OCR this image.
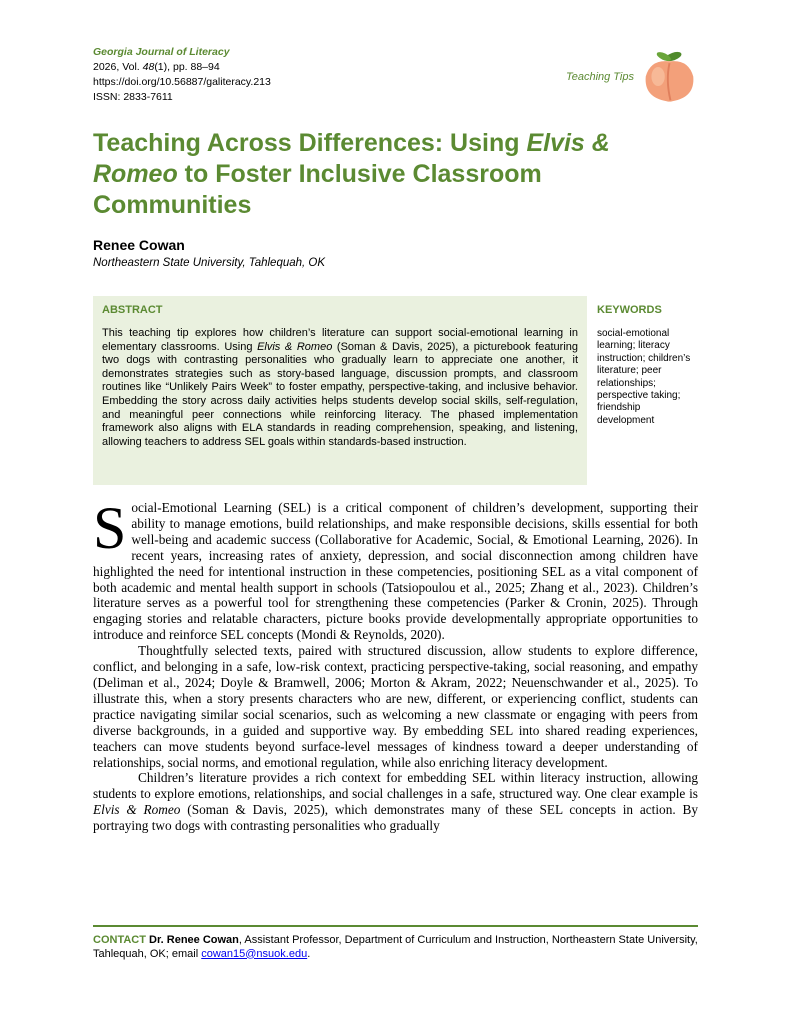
Georgia Journal of Literacy
2026, Vol. 48(1), pp. 88–94
https://doi.org/10.56887/galiteracy.213
ISSN: 2833-7611
Teaching Tips
Teaching Across Differences: Using Elvis & Romeo to Foster Inclusive Classroom Communities
Renee Cowan
Northeastern State University, Tahlequah, OK
ABSTRACT
This teaching tip explores how children’s literature can support social-emotional learning in elementary classrooms. Using Elvis & Romeo (Soman & Davis, 2025), a picturebook featuring two dogs with contrasting personalities who gradually learn to appreciate one another, it demonstrates strategies such as story-based language, discussion prompts, and classroom routines like “Unlikely Pairs Week” to foster empathy, perspective-taking, and inclusive behavior. Embedding the story across daily activities helps students develop social skills, self-regulation, and meaningful peer connections while reinforcing literacy. The phased implementation framework also aligns with ELA standards in reading comprehension, speaking, and listening, allowing teachers to address SEL goals within standards-based instruction.
KEYWORDS
social-emotional learning; literacy instruction; children’s literature; peer relationships; perspective taking; friendship development

Social-Emotional Learning (SEL) is a critical component of children’s development, supporting their ability to manage emotions, build relationships, and make responsible decisions, skills essential for both well-being and academic success (Collaborative for Academic, Social, & Emotional Learning, 2026). In recent years, increasing rates of anxiety, depression, and social disconnection among children have highlighted the need for intentional instruction in these competencies, positioning SEL as a vital component of both academic and mental health support in schools (Tatsiopoulou et al., 2025; Zhang et al., 2023). Children’s literature serves as a powerful tool for strengthening these competencies (Parker & Cronin, 2025). Through engaging stories and relatable characters, picture books provide developmentally appropriate opportunities to introduce and reinforce SEL concepts (Mondi & Reynolds, 2020).

Thoughtfully selected texts, paired with structured discussion, allow students to explore difference, conflict, and belonging in a safe, low-risk context, practicing perspective-taking, social reasoning, and empathy (Deliman et al., 2024; Doyle & Bramwell, 2006; Morton & Akram, 2022; Neuenschwander et al., 2025). To illustrate this, when a story presents characters who are new, different, or experiencing conflict, students can practice navigating similar social scenarios, such as welcoming a new classmate or engaging with peers from diverse backgrounds, in a guided and supportive way. By embedding SEL into shared reading experiences, teachers can move students beyond surface-level messages of kindness toward a deeper understanding of relationships, social norms, and emotional regulation, while also enriching literacy development.

Children’s literature provides a rich context for embedding SEL within literacy instruction, allowing students to explore emotions, relationships, and social challenges in a safe, structured way. One clear example is Elvis & Romeo (Soman & Davis, 2025), which demonstrates many of these SEL concepts in action. By portraying two dogs with contrasting personalities who gradually

CONTACT Dr. Renee Cowan, Assistant Professor, Department of Curriculum and Instruction, Northeastern State University, Tahlequah, OK; email cowan15@nsuok.edu.
